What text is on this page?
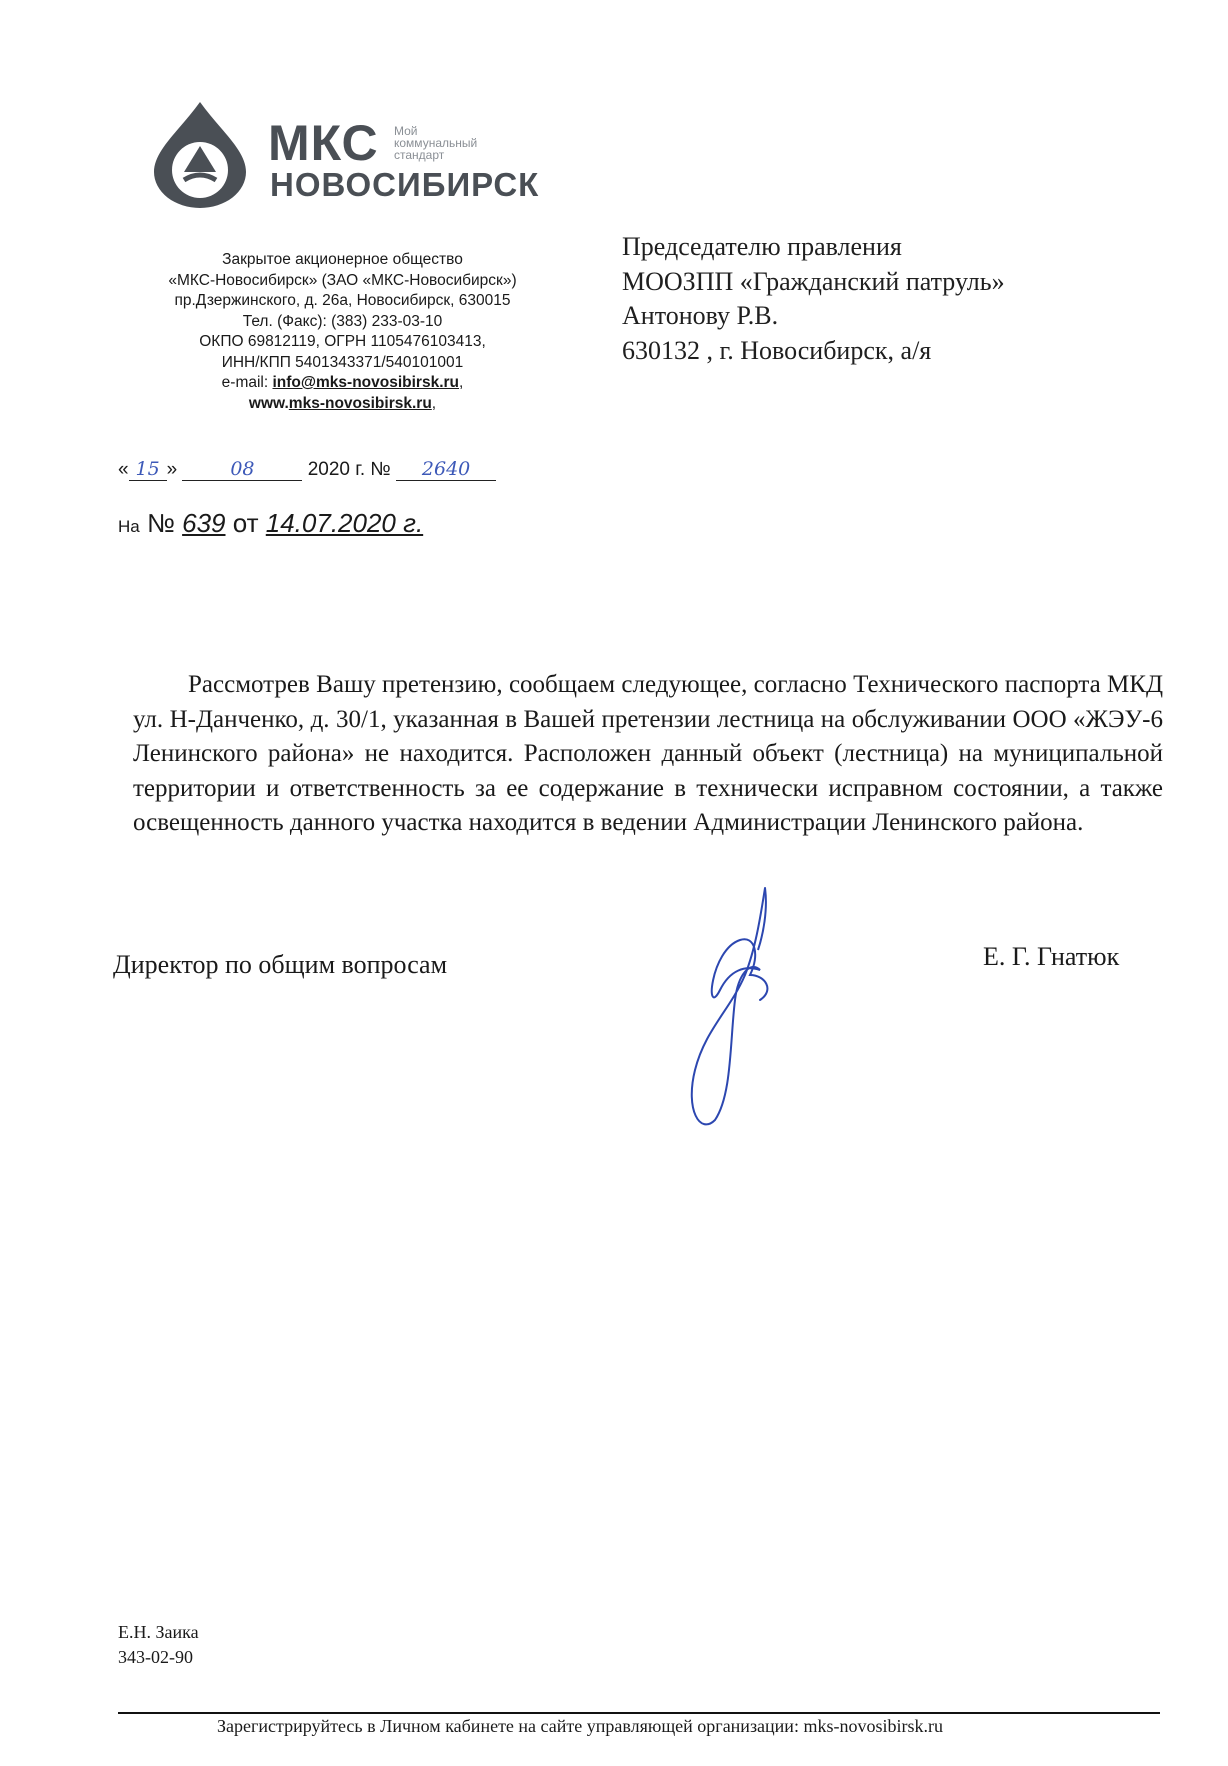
МКС Мой
коммунальный
стандарт
НОВОСИБИРСК
Закрытое акционерное общество
«МКС-Новосибирск» (ЗАО «МКС-Новосибирск»)
пр.Дзержинского, д. 26а, Новосибирск, 630015
Тел. (Факс): (383) 233-03-10
ОКПО 69812119, ОГРН 1105476103413,
ИНН/КПП 5401343371/540101001
e-mail: info@mks-novosibirsk.ru,
www.mks-novosibirsk.ru,
Председателю правления
МООЗПП «Гражданский патруль»
Антонову Р.В.
630132 , г. Новосибирск, а/я
« 15 »	08	2020 г. № 2640
На № 639 от 14.07.2020 г.
Рассмотрев Вашу претензию, сообщаем следующее, согласно Технического паспорта МКД ул. Н-Данченко, д. 30/1, указанная в Вашей претензии лестница на обслуживании ООО «ЖЭУ-6 Ленинского района» не находится. Расположен данный объект (лестница) на муниципальной территории и ответственность за ее содержание в технически исправном состоянии, а также освещенность данного участка находится в ведении Администрации Ленинского района.
Директор по общим вопросам	Е. Г. Гнатюк
Е.Н. Заика
343-02-90
Зарегистрируйтесь в Личном кабинете на сайте управляющей организации: mks-novosibirsk.ru
